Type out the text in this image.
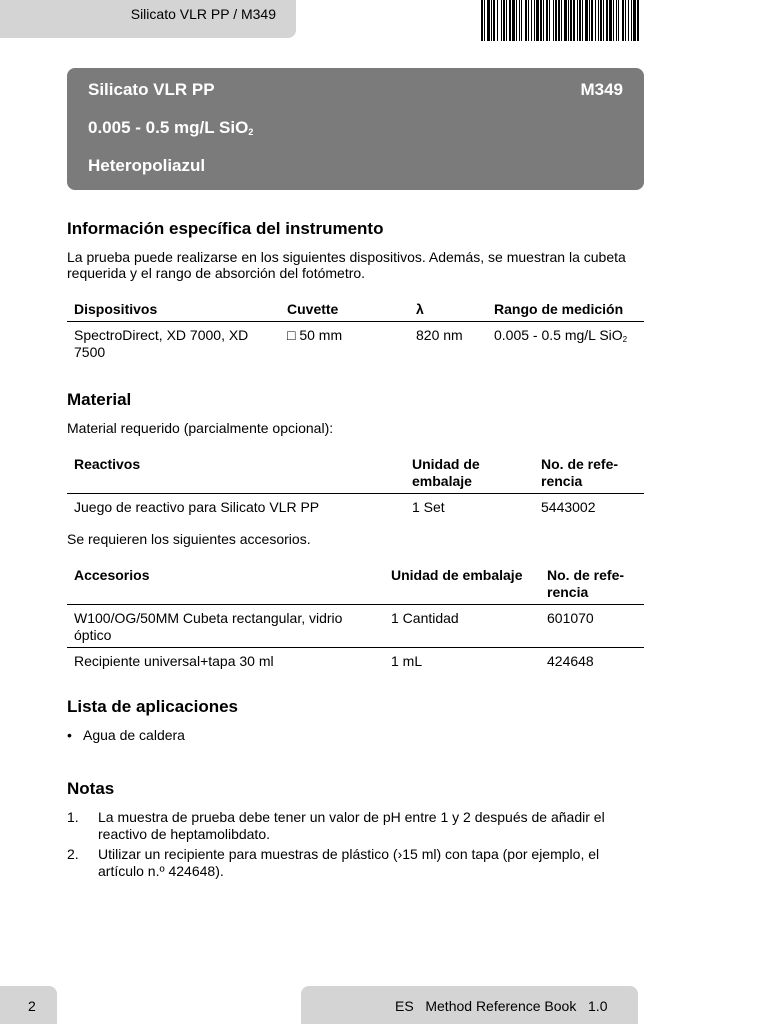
Silicato VLR PP / M349
Silicato VLR PP	M349
0.005 - 0.5 mg/L SiO$_2$
Heteropoliazul
Información específica del instrumento
La prueba puede realizarse en los siguientes dispositivos. Además, se muestran la cubeta requerida y el rango de absorción del fotómetro.
Dispositivos	Cuvette	λ	Rango de medición
SpectroDirect, XD 7000, XD 7500	□ 50 mm	820 nm	0.005 - 0.5 mg/L SiO$_2$
Material
Material requerido (parcialmente opcional):
Reactivos	Unidad de embalaje	No. de refe-rencia
Juego de reactivo para Silicato VLR PP	1 Set	5443002
Se requieren los siguientes accesorios.
Accesorios	Unidad de embalaje	No. de refe-rencia
W100/OG/50MM Cubeta rectangular, vidrio óptico	1 Cantidad	601070
Recipiente universal+tapa 30 ml	1 mL	424648
Lista de aplicaciones
• Agua de caldera
Notas
1. La muestra de prueba debe tener un valor de pH entre 1 y 2 después de añadir el reactivo de heptamolibdato.
2. Utilizar un recipiente para muestras de plástico (›15 ml) con tapa (por ejemplo, el artículo n.º 424648).
2	ES Method Reference Book 1.0
